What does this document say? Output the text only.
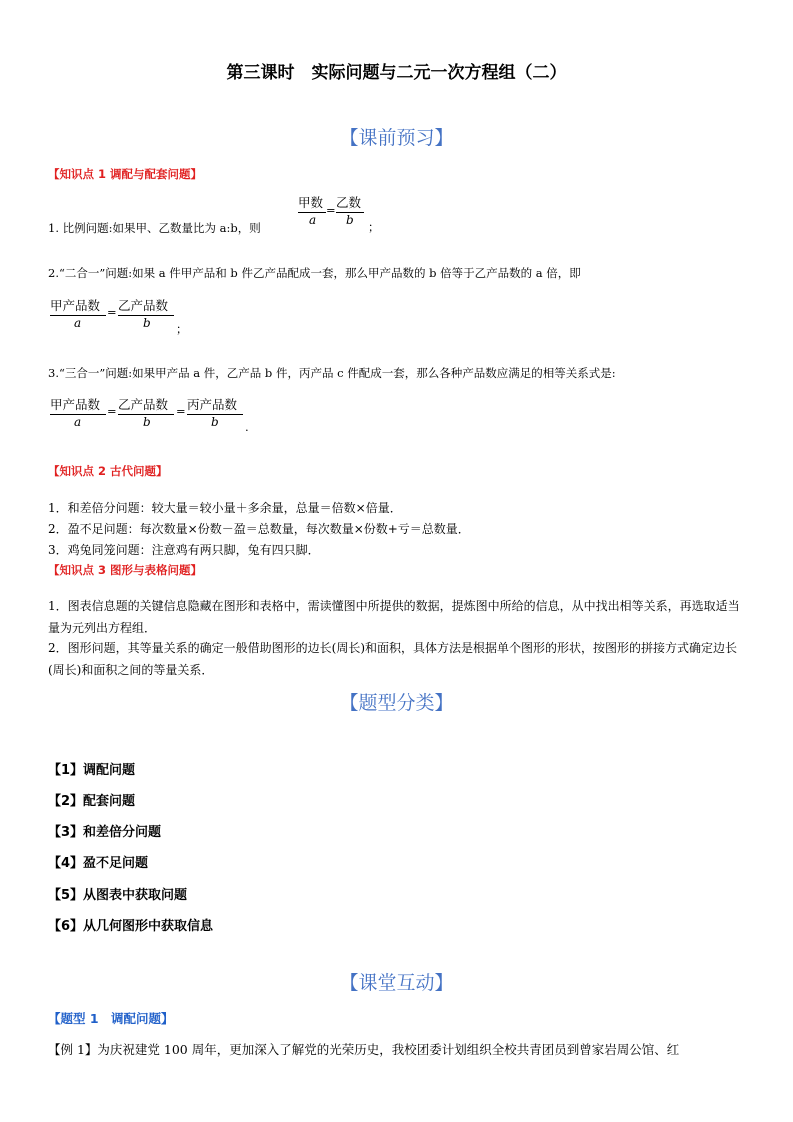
第三课时　实际问题与二元一次方程组（二）
【课前预习】
【知识点 1 调配与配套问题】
1. 比例问题:如果甲、乙数量比为 a:b，则
甲数
a
= 乙数
b ；
2.“二合一”问题:如果 a 件甲产品和 b 件乙产品配成一套，那么甲产品数的 b 倍等于乙产品数的 a 倍，即
甲产品数
a
= 乙产品数
b ；
3.“三合一”问题:如果甲产品 a 件，乙产品 b 件，丙产品 c 件配成一套，那么各种产品数应满足的相等关系式是:
甲产品数
a
= 乙产品数
b
= 丙产品数
b .
【知识点 2 古代问题】
1．和差倍分问题：较大量＝较小量＋多余量，总量＝倍数×倍量．
2．盈不足问题：每次数量×份数－盈＝总数量，每次数量×份数+亏＝总数量．
3．鸡兔同笼问题：注意鸡有两只脚，兔有四只脚．
【知识点 3 图形与表格问题】
1．图表信息题的关键信息隐藏在图形和表格中，需读懂图中所提供的数据，提炼图中所给的信息，从中找出相等关系，再选取适当量为元列出方程组．
2．图形问题，其等量关系的确定一般借助图形的边长(周长)和面积，具体方法是根据单个图形的形状，按图形的拼接方式确定边长(周长)和面积之间的等量关系．
【题型分类】
【1】调配问题
【2】配套问题
【3】和差倍分问题
【4】盈不足问题
【5】从图表中获取问题
【6】从几何图形中获取信息
【课堂互动】
【题型 1　调配问题】
【例 1】为庆祝建党 100 周年，更加深入了解党的光荣历史，我校团委计划组织全校共青团员到曾家岩周公馆、红
